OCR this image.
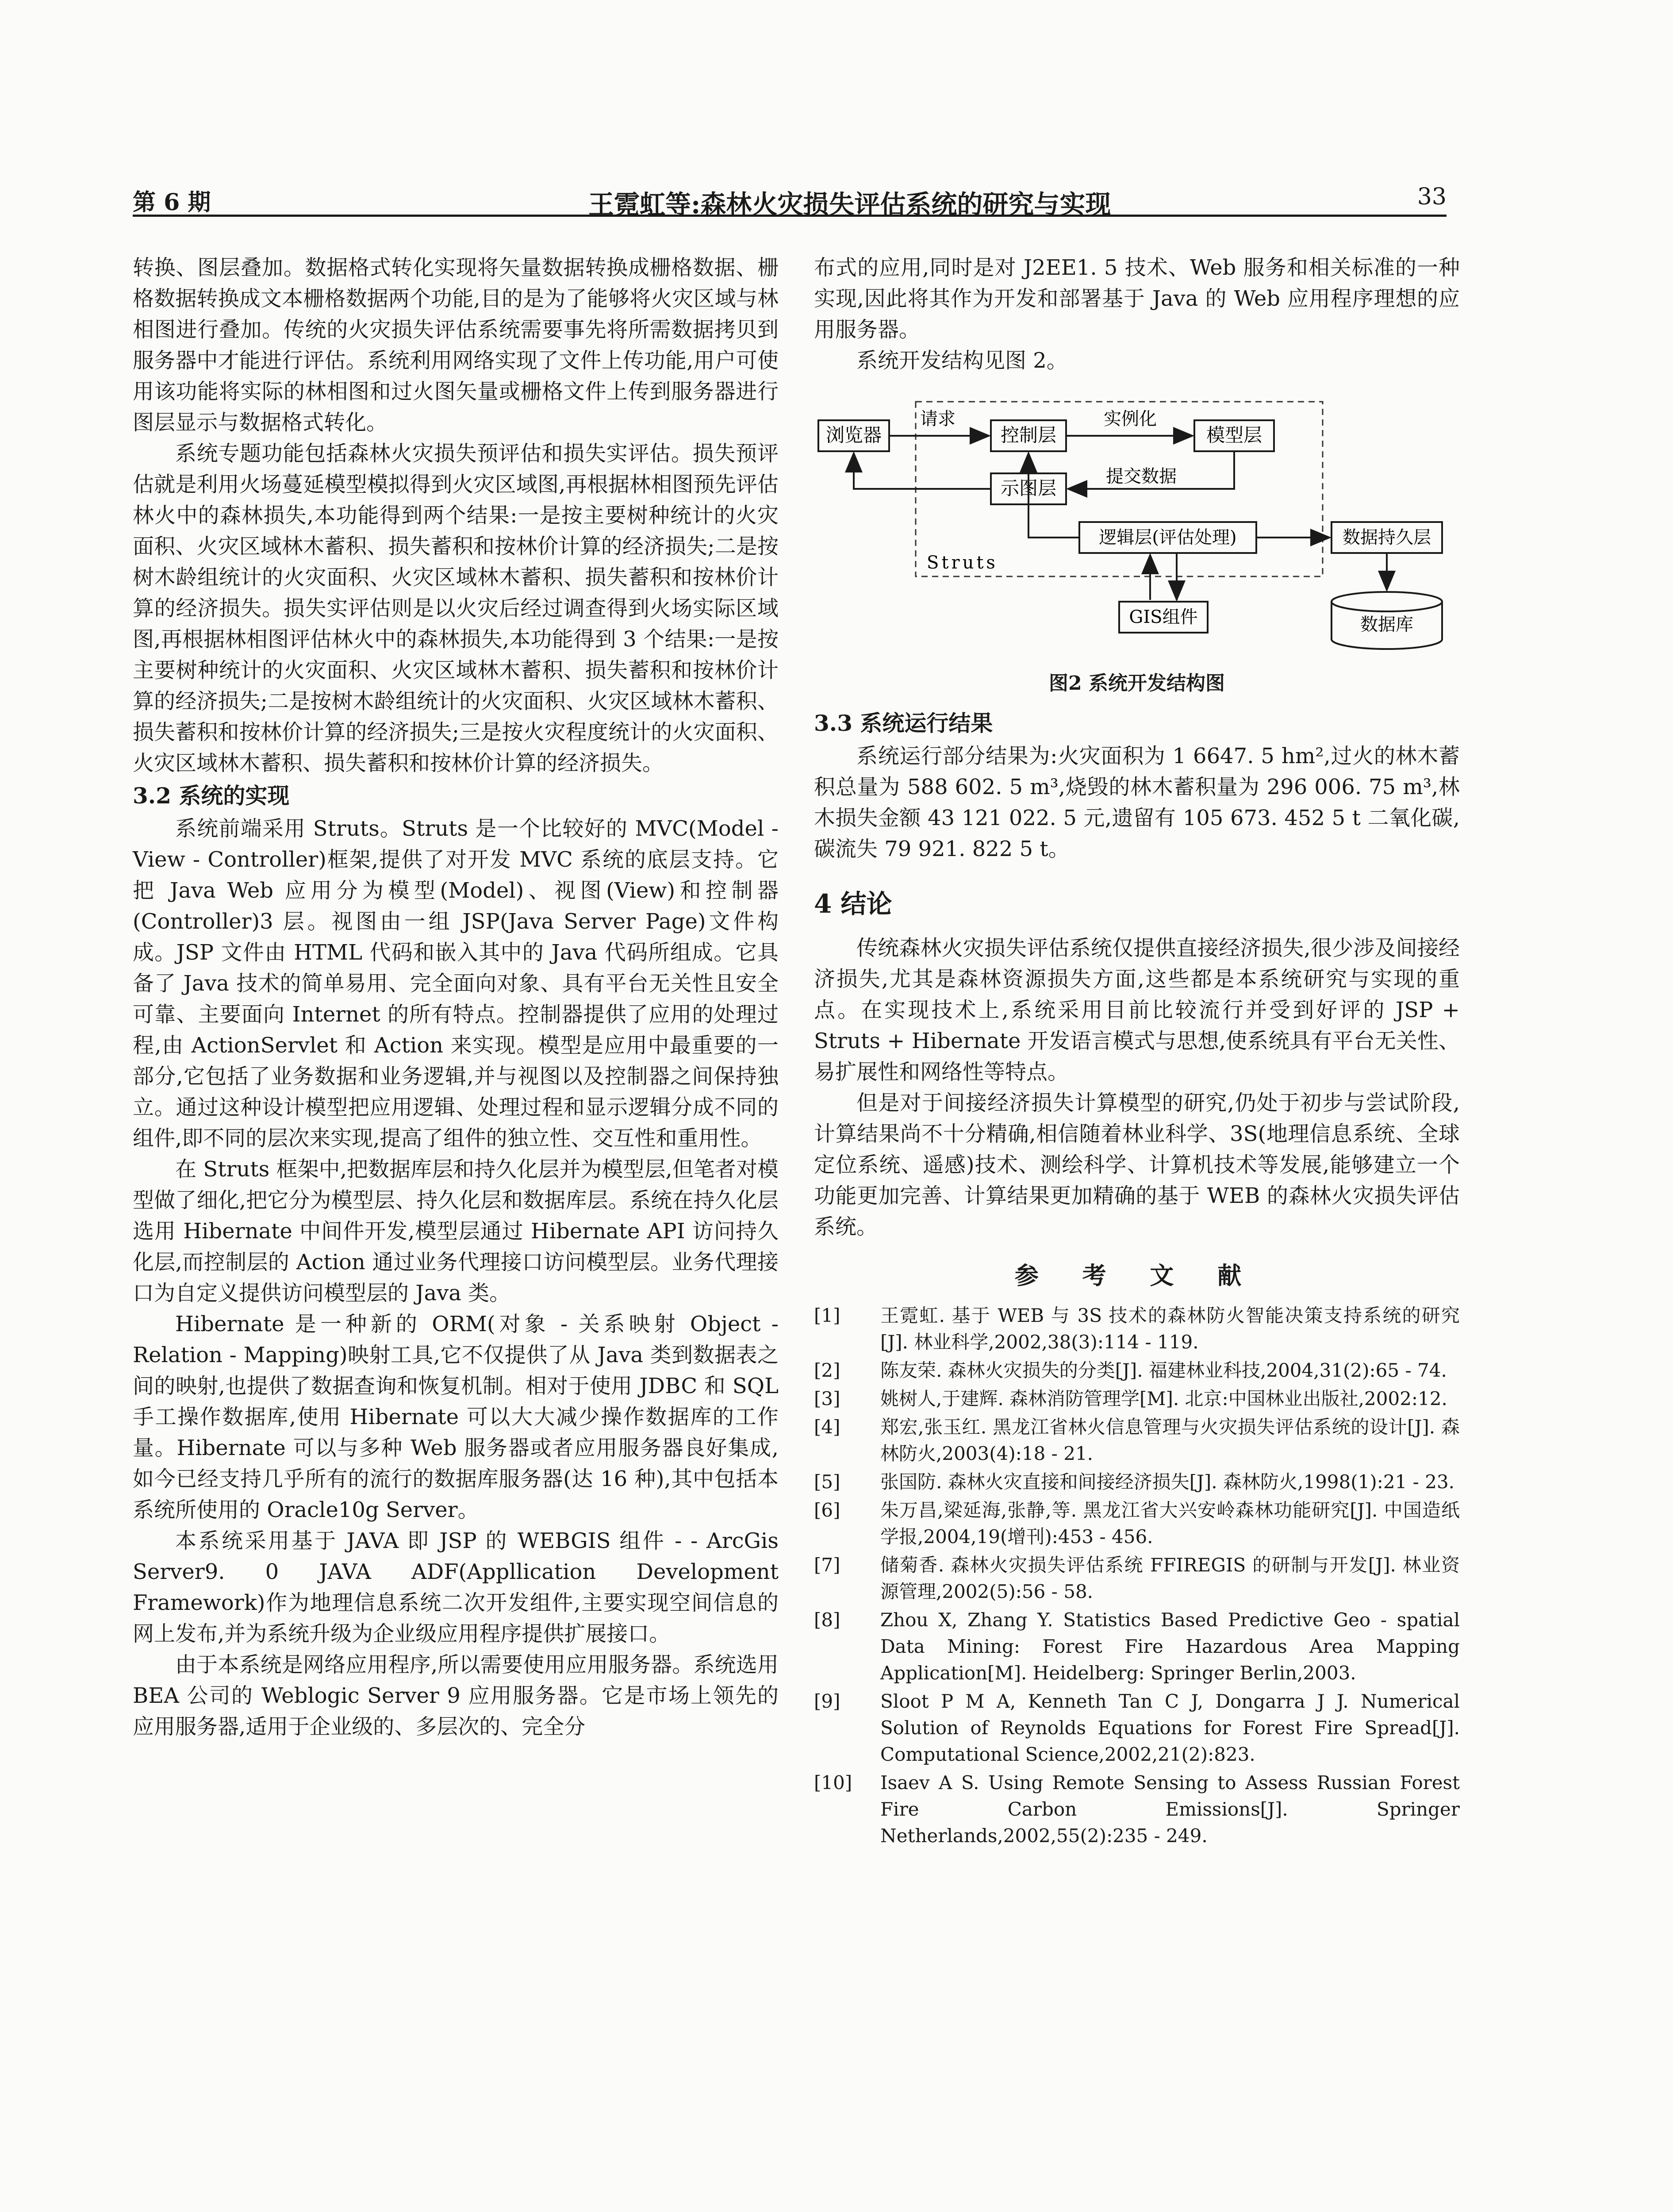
第 6 期	王霓虹等:森林火灾损失评估系统的研究与实现	33

转换、图层叠加。数据格式转化实现将矢量数据转换成栅格数据、栅格数据转换成文本栅格数据两个功能,目的是为了能够将火灾区域与林相图进行叠加。传统的火灾损失评估系统需要事先将所需数据拷贝到服务器中才能进行评估。系统利用网络实现了文件上传功能,用户可使用该功能将实际的林相图和过火图矢量或栅格文件上传到服务器进行图层显示与数据格式转化。

系统专题功能包括森林火灾损失预评估和损失实评估。损失预评估就是利用火场蔓延模型模拟得到火灾区域图,再根据林相图预先评估林火中的森林损失,本功能得到两个结果:一是按主要树种统计的火灾面积、火灾区域林木蓄积、损失蓄积和按林价计算的经济损失;二是按树木龄组统计的火灾面积、火灾区域林木蓄积、损失蓄积和按林价计算的经济损失。损失实评估则是以火灾后经过调查得到火场实际区域图,再根据林相图评估林火中的森林损失,本功能得到 3 个结果:一是按主要树种统计的火灾面积、火灾区域林木蓄积、损失蓄积和按林价计算的经济损失;二是按树木龄组统计的火灾面积、火灾区域林木蓄积、损失蓄积和按林价计算的经济损失;三是按火灾程度统计的火灾面积、火灾区域林木蓄积、损失蓄积和按林价计算的经济损失。

3.2 系统的实现

系统前端采用 Struts。Struts 是一个比较好的 MVC(Model - View - Controller)框架,提供了对开发 MVC 系统的底层支持。它把 Java Web 应用分为模型(Model)、视图(View)和控制器(Controller)3 层。视图由一组 JSP(Java Server Page)文件构成。JSP 文件由 HTML 代码和嵌入其中的 Java 代码所组成。它具备了 Java 技术的简单易用、完全面向对象、具有平台无关性且安全可靠、主要面向 Internet 的所有特点。控制器提供了应用的处理过程,由 ActionServlet 和 Action 来实现。模型是应用中最重要的一部分,它包括了业务数据和业务逻辑,并与视图以及控制器之间保持独立。通过这种设计模型把应用逻辑、处理过程和显示逻辑分成不同的组件,即不同的层次来实现,提高了组件的独立性、交互性和重用性。

在 Struts 框架中,把数据库层和持久化层并为模型层,但笔者对模型做了细化,把它分为模型层、持久化层和数据库层。系统在持久化层选用 Hibernate 中间件开发,模型层通过 Hibernate API 访问持久化层,而控制层的 Action 通过业务代理接口访问模型层。业务代理接口为自定义提供访问模型层的 Java 类。

Hibernate 是一种新的 ORM(对象 - 关系映射 Object - Relation - Mapping)映射工具,它不仅提供了从 Java 类到数据表之间的映射,也提供了数据查询和恢复机制。相对于使用 JDBC 和 SQL 手工操作数据库,使用 Hibernate 可以大大减少操作数据库的工作量。Hibernate 可以与多种 Web 服务器或者应用服务器良好集成,如今已经支持几乎所有的流行的数据库服务器(达 16 种),其中包括本系统所使用的 Oracle10g Server。

本系统采用基于 JAVA 即 JSP 的 WEBGIS 组件 - - ArcGis Server9. 0 JAVA ADF(Appllication Development Framework)作为地理信息系统二次开发组件,主要实现空间信息的网上发布,并为系统升级为企业级应用程序提供扩展接口。

由于本系统是网络应用程序,所以需要使用应用服务器。系统选用 BEA 公司的 Weblogic Server 9 应用服务器。它是市场上领先的应用服务器,适用于企业级的、多层次的、完全分

布式的应用,同时是对 J2EE1. 5 技术、Web 服务和相关标准的一种实现,因此将其作为开发和部署基于 Java 的 Web 应用程序理想的应用服务器。

系统开发结构见图 2。

浏览器	控制层	模型层
示图层
逻辑层(评估处理)	数据持久层
GIS组件	数据库
请求	实例化
提交数据
Struts
图2 系统开发结构图
3.3 系统运行结果

系统运行部分结果为:火灾面积为 1 6647. 5 hm²,过火的林木蓄积总量为 588 602. 5 m³,烧毁的林木蓄积量为 296 006. 75 m³,林木损失金额 43 121 022. 5 元,遗留有 105 673. 452 5 t 二氧化碳,碳流失 79 921. 822 5 t。

4 结论

传统森林火灾损失评估系统仅提供直接经济损失,很少涉及间接经济损失,尤其是森林资源损失方面,这些都是本系统研究与实现的重点。在实现技术上,系统采用目前比较流行并受到好评的 JSP + Struts + Hibernate 开发语言模式与思想,使系统具有平台无关性、易扩展性和网络性等特点。

但是对于间接经济损失计算模型的研究,仍处于初步与尝试阶段,计算结果尚不十分精确,相信随着林业科学、3S(地理信息系统、全球定位系统、遥感)技术、测绘科学、计算机技术等发展,能够建立一个功能更加完善、计算结果更加精确的基于 WEB 的森林火灾损失评估系统。

参 考 文 献
[1] 王霓虹. 基于 WEB 与 3S 技术的森林防火智能决策支持系统的研究[J]. 林业科学,2002,38(3):114 - 119.
[2] 陈友荣. 森林火灾损失的分类[J]. 福建林业科技,2004,31(2):65 - 74.
[3] 姚树人,于建辉. 森林消防管理学[M]. 北京:中国林业出版社,2002:12.
[4] 郑宏,张玉红. 黑龙江省林火信息管理与火灾损失评估系统的设计[J]. 森林防火,2003(4):18 - 21.
[5] 张国防. 森林火灾直接和间接经济损失[J]. 森林防火,1998(1):21 - 23.
[6] 朱万昌,梁延海,张静,等. 黑龙江省大兴安岭森林功能研究[J]. 中国造纸学报,2004,19(增刊):453 - 456.
[7] 储菊香. 森林火灾损失评估系统 FFIREGIS 的研制与开发[J]. 林业资源管理,2002(5):56 - 58.
[8] Zhou X, Zhang Y. Statistics Based Predictive Geo - spatial Data Mining: Forest Fire Hazardous Area Mapping Application[M]. Heidelberg: Springer Berlin,2003.
[9] Sloot P M A, Kenneth Tan C J, Dongarra J J. Numerical Solution of Reynolds Equations for Forest Fire Spread[J]. Computational Science,2002,21(2):823.
[10] Isaev A S. Using Remote Sensing to Assess Russian Forest Fire Carbon Emissions[J]. Springer Netherlands,2002,55(2):235 - 249.
